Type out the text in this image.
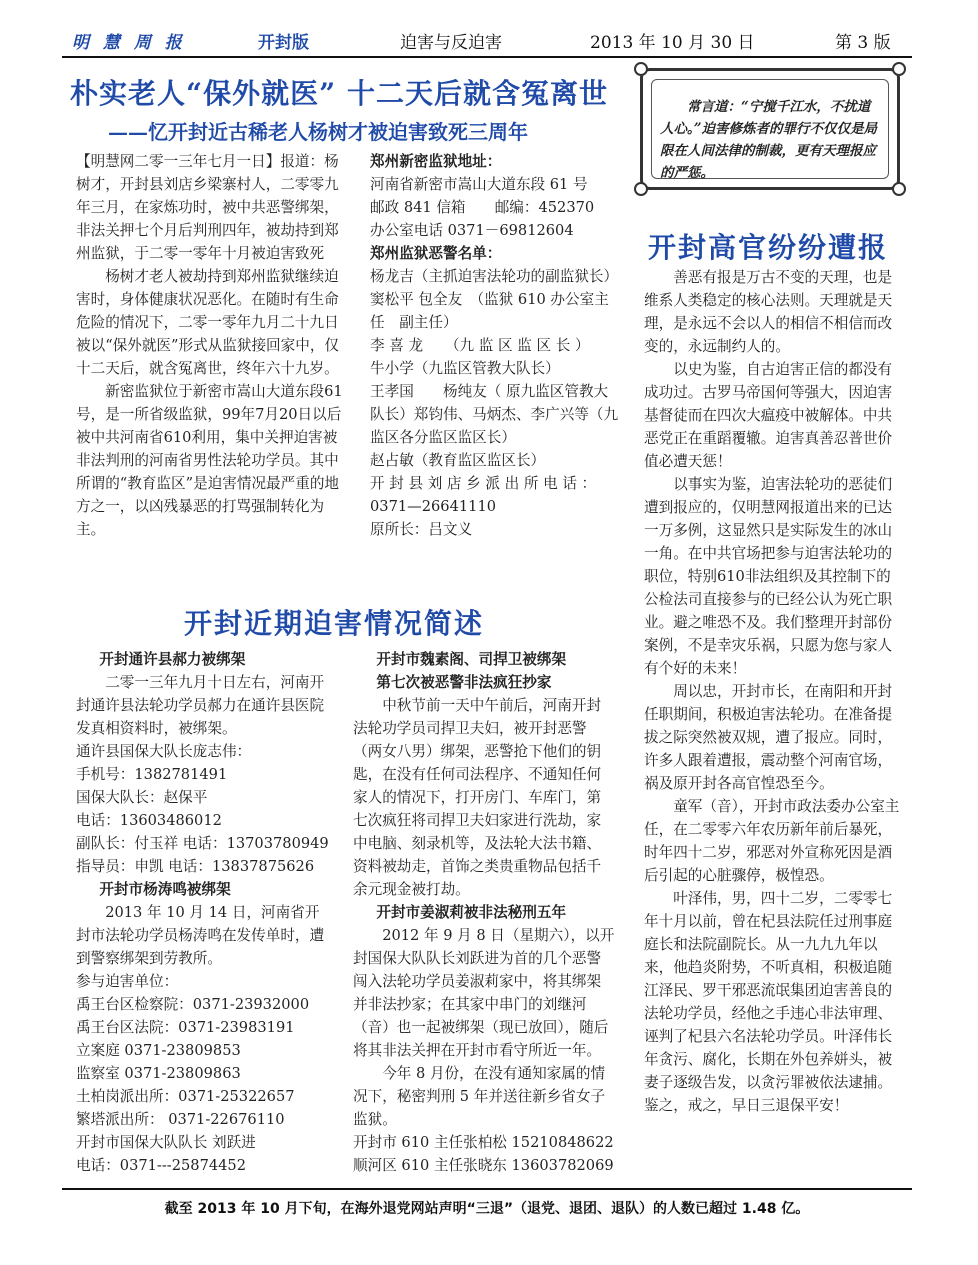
明 慧 周 报	开封版	迫害与反迫害	2013 年 10 月 30 日	第 3 版
朴实老人“保外就医” 十二天后就含冤离世
——忆开封近古稀老人杨树才被迫害致死三周年

【明慧网二零一三年七月一日】报道：杨树才，开封县刘店乡梁寨村人，二零零九年三月，在家炼功时，被中共恶警绑架，非法关押七个月后判刑四年，被劫持到郑州监狱，于二零一零年十月被迫害致死

杨树才老人被劫持到郑州监狱继续迫害时，身体健康状况恶化。在随时有生命危险的情况下，二零一零年九月二十九日被以“保外就医”形式从监狱接回家中，仅十二天后，就含冤离世，终年六十九岁。

新密监狱位于新密市嵩山大道东段61号，是一所省级监狱，99年7月20日以后被中共河南省610利用，集中关押迫害被非法判刑的河南省男性法轮功学员。其中所谓的“教育监区”是迫害情况最严重的地方之一，以凶残暴恶的打骂强制转化为主。

郑州新密监狱地址：

河南省新密市嵩山大道东段 61 号

邮政 841 信箱　　邮编：452370

办公室电话 0371－69812604

郑州监狱恶警名单：

杨龙吉（主抓迫害法轮功的副监狱长）

窦松平 包全友　（监狱 610 办公室主任　副主任）

李 喜 龙　　（九 监 区 监 区 长 ）

牛小学（九监区管教大队长）

王孝国　　杨纯友（ 原九监区管教大队长）郑钧伟、马炳杰、李广兴等（九监区各分监区监区长）

赵占敏（教育监区监区长）

开 封 县 刘 店 乡 派 出 所 电 话 ：0371—26641110

原所长：吕文义

常言道：“宁搅千江水，不扰道人心。”迫害修炼者的罪行不仅仅是局限在人间法律的制裁，更有天理报应的严惩。
开封高官纷纷遭报

善恶有报是万古不变的天理，也是维系人类稳定的核心法则。天理就是天理，是永远不会以人的相信不相信而改变的，永远制约人的。

以史为鉴，自古迫害正信的都没有成功过。古罗马帝国何等强大，因迫害基督徒而在四次大瘟疫中被解体。中共恶党正在重蹈覆辙。迫害真善忍普世价值必遭天惩！

以事实为鉴，迫害法轮功的恶徒们遭到报应的，仅明慧网报道出来的已达一万多例，这显然只是实际发生的冰山一角。在中共官场把参与迫害法轮功的职位，特别610非法组织及其控制下的公检法司直接参与的已经公认为死亡职业。避之唯恐不及。我们整理开封部份案例，不是幸灾乐祸，只愿为您与家人有个好的未来！

周以忠，开封市长，在南阳和开封任职期间，积极迫害法轮功。在准备提拔之际突然被双规，遭了报应。同时，许多人跟着遭报，震动整个河南官场，祸及原开封各高官惶恐至今。

童军（音），开封市政法委办公室主任，在二零零六年农历新年前后暴死，时年四十二岁，邪恶对外宣称死因是酒后引起的心脏骤停，极惶恐。

叶泽伟，男，四十二岁，二零零七年十月以前，曾在杞县法院任过刑事庭庭长和法院副院长。从一九九九年以来，他趋炎附势，不听真相，积极追随江泽民、罗干邪恶流氓集团迫害善良的法轮功学员，经他之手违心非法审理、诬判了杞县六名法轮功学员。叶泽伟长年贪污、腐化，长期在外包养姘头，被妻子逐级告发，以贪污罪被依法逮捕。鉴之，戒之，早日三退保平安！

开封近期迫害情况简述

开封通许县郝力被绑架

二零一三年九月十日左右，河南开封通许县法轮功学员郝力在通许县医院发真相资料时，被绑架。

通许县国保大队长庞志伟：

手机号：1382781491

国保大队长：赵保平

电话：13603486012

副队长：付玉祥 电话：13703780949

指导员：申凯 电话：13837875626

开封市杨涛鸣被绑架

2013 年 10 月 14 日，河南省开封市法轮功学员杨涛鸣在发传单时，遭到警察绑架到劳教所。

参与迫害单位：

禹王台区检察院：0371-23932000

禹王台区法院：0371-23983191

立案庭 0371-23809853

监察室 0371-23809863

土柏岗派出所：0371-25322657

繁塔派出所： 0371-22676110

开封市国保大队队长 刘跃进

电话：0371---25874452

开封市魏素阁、司捍卫被绑架

第七次被恶警非法疯狂抄家

中秋节前一天中午前后，河南开封法轮功学员司捍卫夫妇，被开封恶警（两女八男）绑架，恶警抢下他们的钥匙，在没有任何司法程序、不通知任何家人的情况下，打开房门、车库门，第七次疯狂将司捍卫夫妇家进行洗劫，家中电脑、刻录机等，及法轮大法书籍、资料被劫走，首饰之类贵重物品包括千余元现金被打劫。

开封市姜淑莉被非法秘刑五年

2012 年 9 月 8 日（星期六），以开封国保大队队长刘跃进为首的几个恶警闯入法轮功学员姜淑莉家中，将其绑架并非法抄家；在其家中串门的刘继河（音）也一起被绑架（现已放回），随后将其非法关押在开封市看守所近一年。

今年 8 月份，在没有通知家属的情况下，秘密判刑 5 年并送往新乡省女子监狱。

开封市 610 主任张柏松 15210848622

顺河区 610 主任张晓东 13603782069

截至 2013 年 10 月下旬，在海外退党网站声明“三退”（退党、退团、退队）的人数已超过 1.48 亿。
